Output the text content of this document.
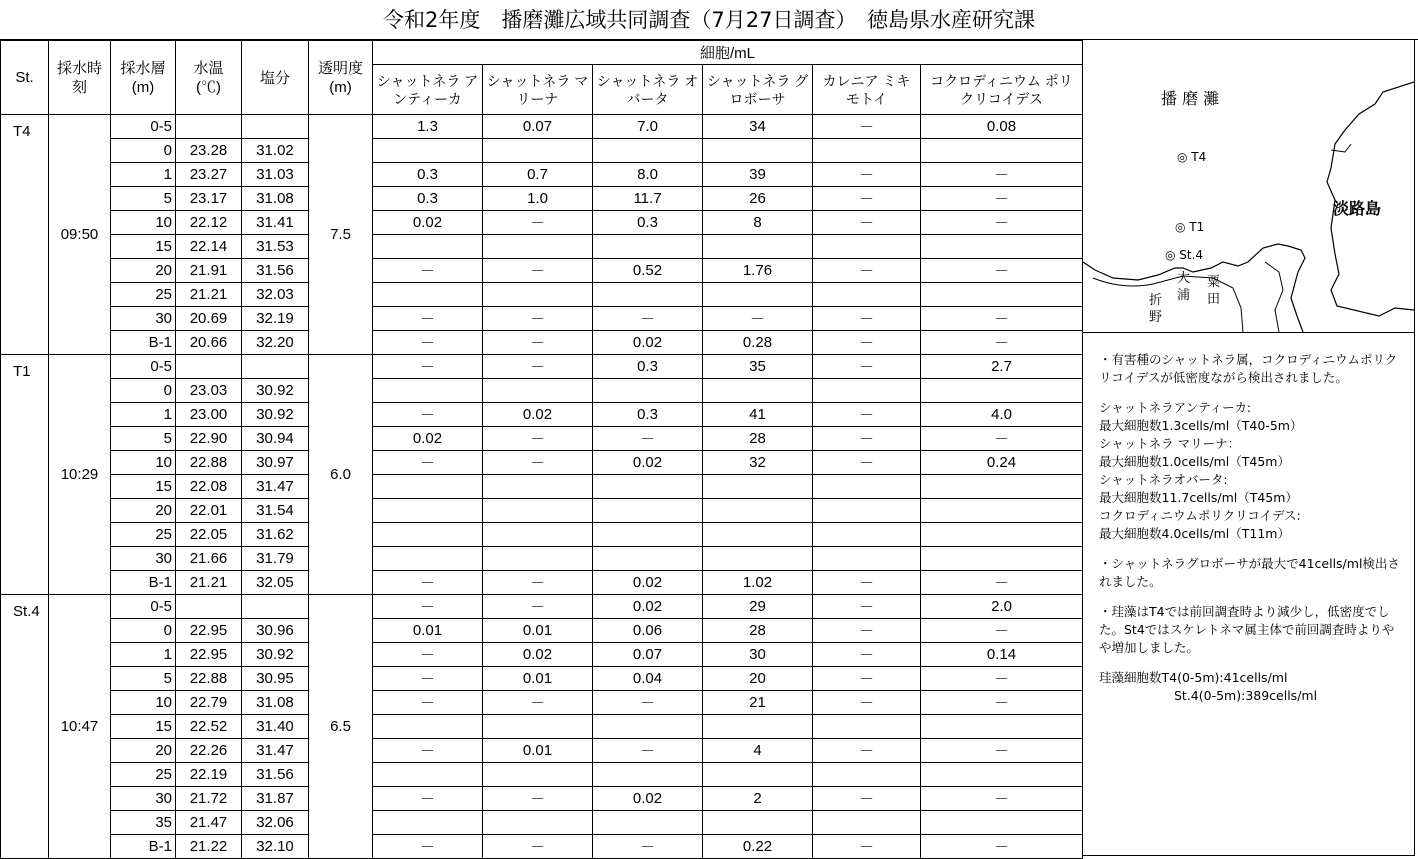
令和2年度　播磨灘広域共同調査（7月27日調査）　徳島県水産研究課
St.	採水時刻	採水層 (m)	水温 (℃)	塩分	透明度 (m)	細胞/mL					
						シャットネラ アンティーカ	シャットネラ マリーナ	シャットネラ オバータ	シャットネラ グロボーサ	カレニア ミキモトイ	コクロディニウム ポリクリコイデス
T4	09:50	0-5			7.5	1.3	0.07	7.0	34	－	0.08
		0	23.28	31.02							
		1	23.27	31.03		0.3	0.7	8.0	39	－	－
		5	23.17	31.08		0.3	1.0	11.7	26	－	－
		10	22.12	31.41		0.02	－	0.3	8	－	－
		15	22.14	31.53							
		20	21.91	31.56		－	－	0.52	1.76	－	－
		25	21.21	32.03							
		30	20.69	32.19		－	－	－	－	－	－
		B-1	20.66	32.20		－	－	0.02	0.28	－	－
T1	10:29	0-5			6.0	－	－	0.3	35	－	2.7
		0	23.03	30.92							
		1	23.00	30.92		－	0.02	0.3	41	－	4.0
		5	22.90	30.94		0.02	－	－	28	－	－
		10	22.88	30.97		－	－	0.02	32	－	0.24
		15	22.08	31.47							
		20	22.01	31.54							
		25	22.05	31.62							
		30	21.66	31.79							
		B-1	21.21	32.05		－	－	0.02	1.02	－	－
St.4	10:47	0-5			6.5	－	－	0.02	29	－	2.0
		0	22.95	30.96		0.01	0.01	0.06	28	－	－
		1	22.95	30.92		－	0.02	0.07	30	－	0.14
		5	22.88	30.95		－	0.01	0.04	20	－	－
		10	22.79	31.08		－	－	－	21	－	－
		15	22.52	31.40							
		20	22.26	31.47		－	0.01	－	4	－	－
		25	22.19	31.56							
		30	21.72	31.87		－	－	0.02	2	－	－
		35	21.47	32.06							
		B-1	21.22	32.10		－	－	－	0.22	－	－
播 磨 灘
淡路島
◎ T4
◎ T1
◎ St.4
大 浦
粟 田
折 野

・有害種のシャットネラ属，コクロディニウムポリクリコイデスが低密度ながら検出されました。

シャットネラアンティーカ:

最大細胞数1.3cells/ml（T40-5m）

シャットネラ マリーナ：

最大細胞数1.0cells/ml（T45m）

シャットネラオバータ:

最大細胞数11.7cells/ml（T45m）

コクロディニウムポリクリコイデス:

最大細胞数4.0cells/ml（T11m）

・シャットネラグロボーサが最大で41cells/ml検出されました。

・珪藻はT4では前回調査時より減少し，低密度でした。St4ではスケレトネマ属主体で前回調査時よりやや増加しました。

珪藻細胞数T4(0-5m):41cells/ml

St.4(0-5m):389cells/ml
